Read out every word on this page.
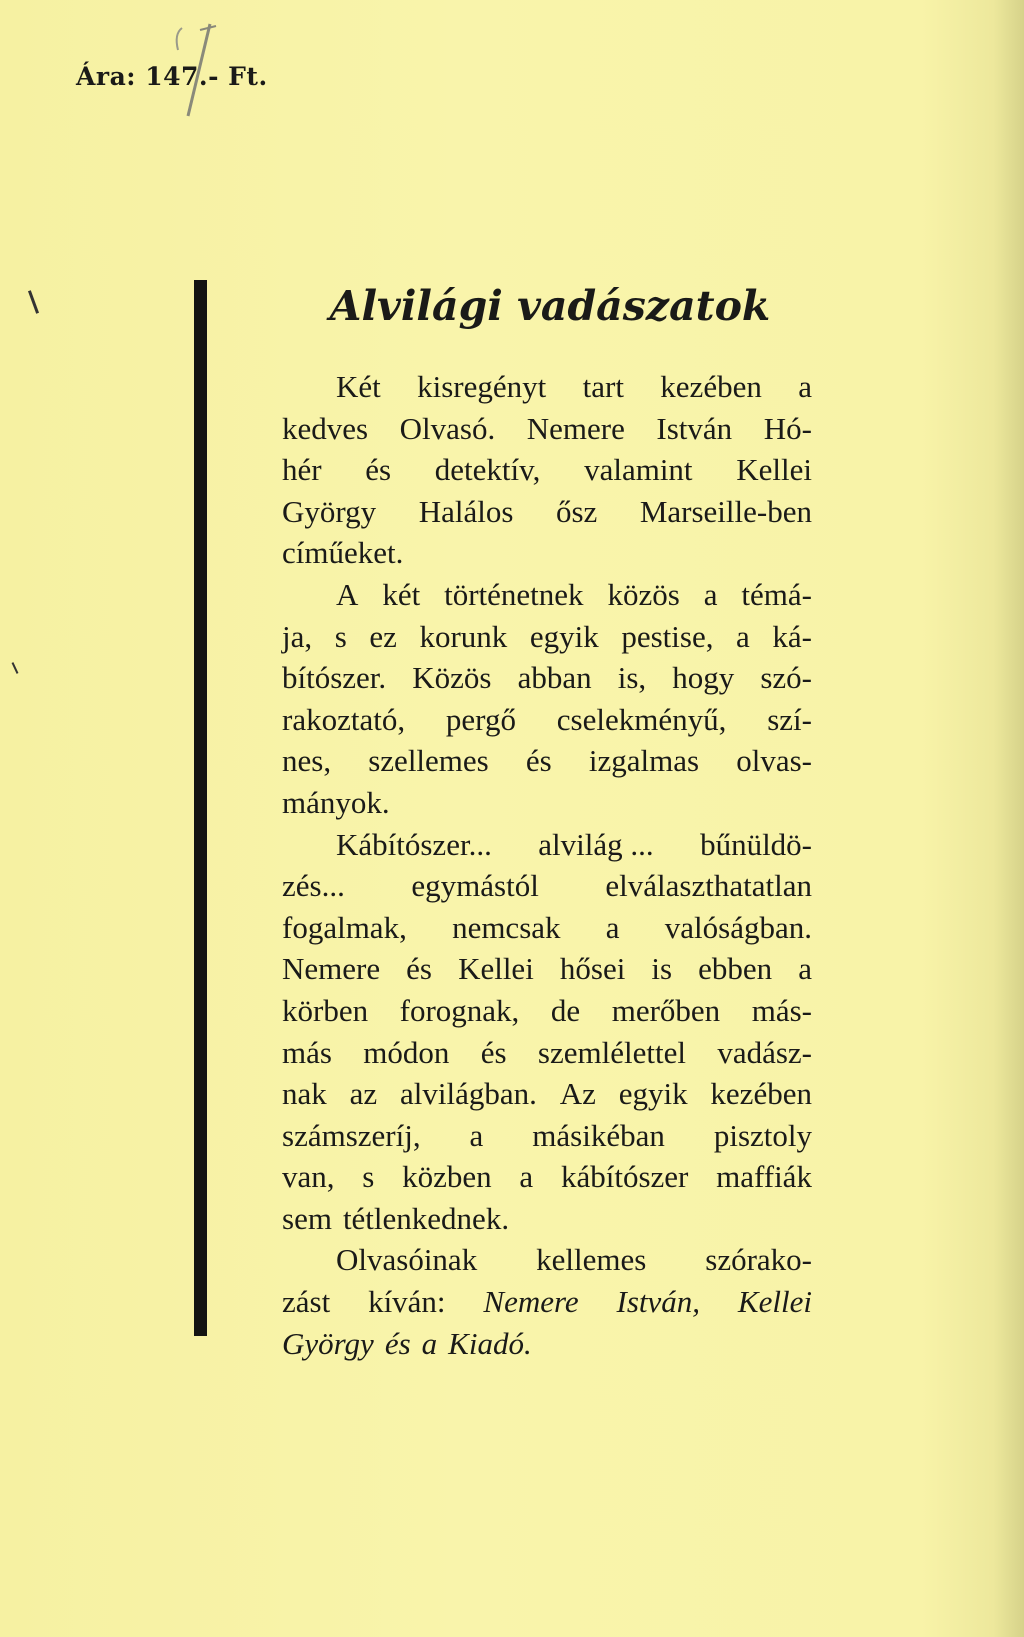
Ára: 147.- Ft.
Alvilági vadászatok
Két kisregényt tart kezében a
kedves Olvasó. Nemere István Hó-
hér és detektív, valamint Kellei
György Halálos ősz Marseille-ben
címűeket.
A két történetnek közös a témá-
ja, s ez korunk egyik pestise, a ká-
bítószer. Közös abban is, hogy szó-
rakoztató, pergő cselekményű, szí-
nes, szellemes és izgalmas olvas-
mányok.
Kábítószer... alvilág ... bűnüldö-
zés... egymástól elválaszthatatlan
fogalmak, nemcsak a valóságban.
Nemere és Kellei hősei is ebben a
körben forognak, de merőben más-
más módon és szemlélettel vadász-
nak az alvilágban. Az egyik kezében
számszeríj, a másikéban pisztoly
van, s közben a kábítószer maffiák
sem tétlenkednek.
Olvasóinak kellemes szórako-
zást kíván: Nemere István, Kellei
György és a Kiadó.
